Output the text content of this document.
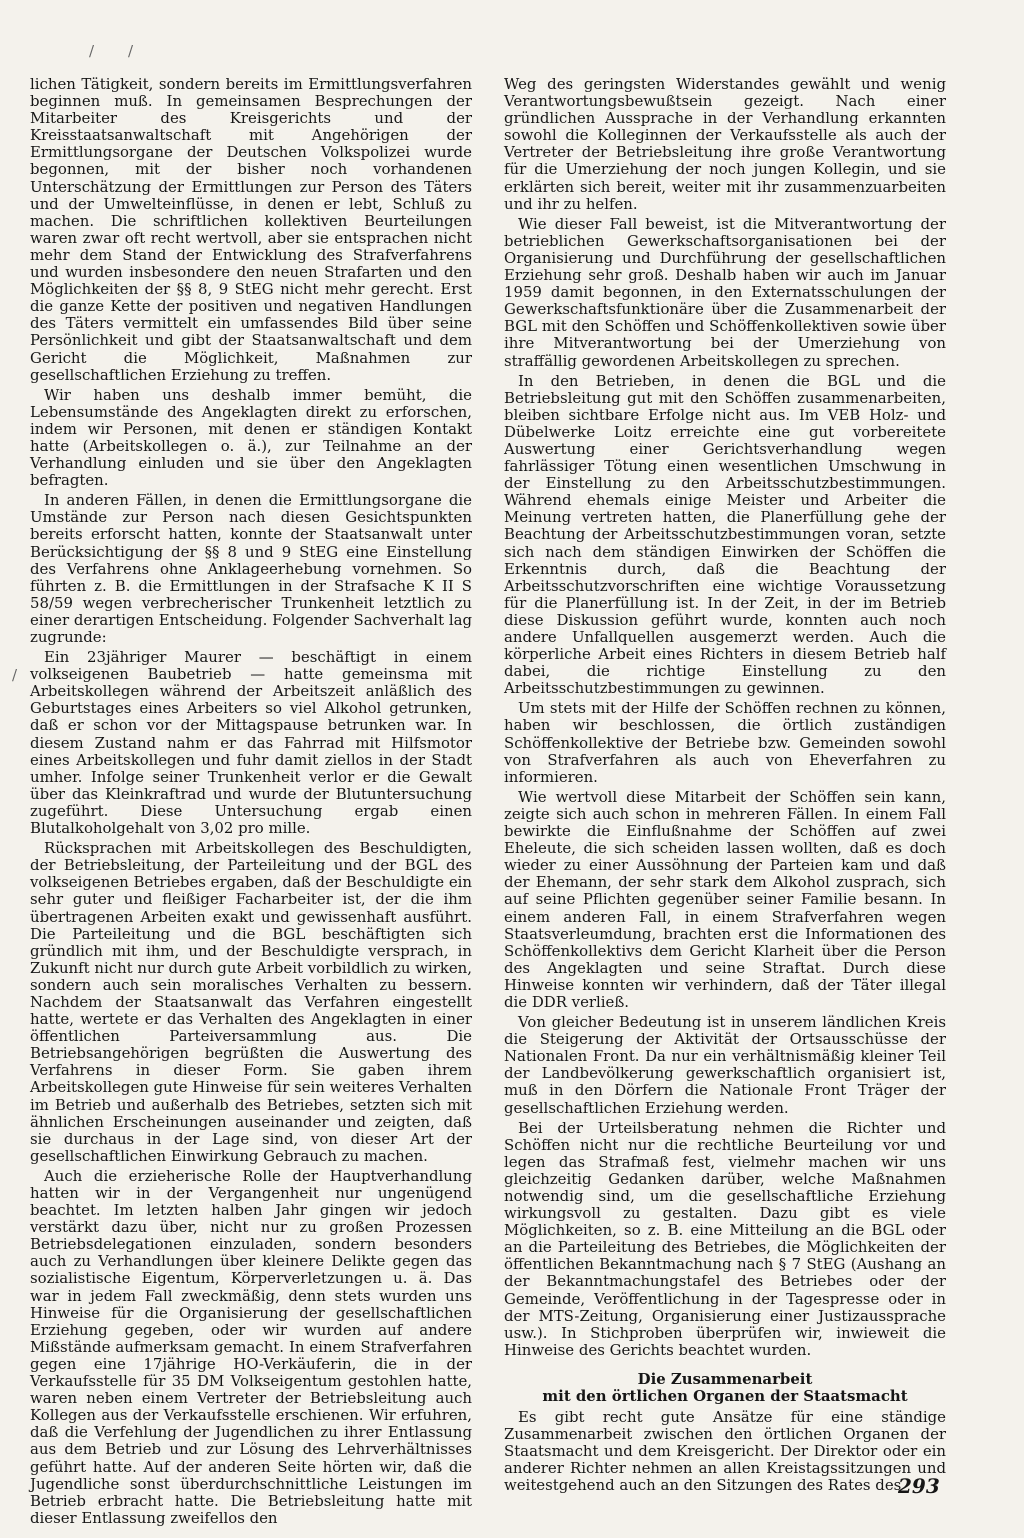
/ /
/

lichen Tätigkeit, sondern bereits im Ermittlungsverfahren beginnen muß. In gemeinsamen Besprechungen der Mitarbeiter des Kreisgerichts und der Kreisstaatsanwaltschaft mit Angehörigen der Ermittlungsorgane der Deutschen Volkspolizei wurde begonnen, mit der bisher noch vorhandenen Unterschätzung der Ermittlungen zur Person des Täters und der Umwelteinflüsse, in denen er lebt, Schluß zu machen. Die schriftlichen kollektiven Beurteilungen waren zwar oft recht wertvoll, aber sie entsprachen nicht mehr dem Stand der Entwicklung des Strafverfahrens und wurden insbesondere den neuen Strafarten und den Möglichkeiten der §§ 8, 9 StEG nicht mehr gerecht. Erst die ganze Kette der positiven und negativen Handlungen des Täters vermittelt ein umfassendes Bild über seine Persönlichkeit und gibt der Staatsanwaltschaft und dem Gericht die Möglichkeit, Maßnahmen zur gesellschaftlichen Erziehung zu treffen.

Wir haben uns deshalb immer bemüht, die Lebensumstände des Angeklagten direkt zu erforschen, indem wir Personen, mit denen er ständigen Kontakt hatte (Arbeitskollegen o. ä.), zur Teilnahme an der Verhandlung einluden und sie über den Angeklagten befragten.

In anderen Fällen, in denen die Ermittlungsorgane die Umstände zur Person nach diesen Gesichtspunkten bereits erforscht hatten, konnte der Staatsanwalt unter Berücksichtigung der §§ 8 und 9 StEG eine Einstellung des Verfahrens ohne Anklageerhebung vornehmen. So führten z. B. die Ermittlungen in der Strafsache K II S 58/59 wegen verbrecherischer Trunkenheit letztlich zu einer derartigen Entscheidung. Folgender Sachverhalt lag zugrunde:

Ein 23jähriger Maurer — beschäftigt in einem volkseigenen Baubetrieb — hatte gemeinsma mit Arbeitskollegen während der Arbeitszeit anläßlich des Geburtstages eines Arbeiters so viel Alkohol getrunken, daß er schon vor der Mittagspause betrunken war. In diesem Zustand nahm er das Fahrrad mit Hilfsmotor eines Arbeitskollegen und fuhr damit ziellos in der Stadt umher. Infolge seiner Trunkenheit verlor er die Gewalt über das Kleinkraftrad und wurde der Blutuntersuchung zugeführt. Diese Untersuchung ergab einen Blutalkoholgehalt von 3,02 pro mille.

Rücksprachen mit Arbeitskollegen des Beschuldigten, der Betriebsleitung, der Parteileitung und der BGL des volkseigenen Betriebes ergaben, daß der Beschuldigte ein sehr guter und fleißiger Facharbeiter ist, der die ihm übertragenen Arbeiten exakt und gewissenhaft ausführt. Die Parteileitung und die BGL beschäftigten sich gründlich mit ihm, und der Beschuldigte versprach, in Zukunft nicht nur durch gute Arbeit vorbildlich zu wirken, sondern auch sein moralisches Verhalten zu bessern. Nachdem der Staatsanwalt das Verfahren eingestellt hatte, wertete er das Verhalten des Angeklagten in einer öffentlichen Parteiversammlung aus. Die Betriebsangehörigen begrüßten die Auswertung des Verfahrens in dieser Form. Sie gaben ihrem Arbeitskollegen gute Hinweise für sein weiteres Verhalten im Betrieb und außerhalb des Betriebes, setzten sich mit ähnlichen Erscheinungen auseinander und zeigten, daß sie durchaus in der Lage sind, von dieser Art der gesellschaftlichen Einwirkung Gebrauch zu machen.

Auch die erzieherische Rolle der Hauptverhandlung hatten wir in der Vergangenheit nur ungenügend beachtet. Im letzten halben Jahr gingen wir jedoch verstärkt dazu über, nicht nur zu großen Prozessen Betriebsdelegationen einzuladen, sondern besonders auch zu Verhandlungen über kleinere Delikte gegen das sozialistische Eigentum, Körperverletzungen u. ä. Das war in jedem Fall zweckmäßig, denn stets wurden uns Hinweise für die Organisierung der gesellschaftlichen Erziehung gegeben, oder wir wurden auf andere Mißstände aufmerksam gemacht. In einem Strafverfahren gegen eine 17jährige HO-Verkäuferin, die in der Verkaufsstelle für 35 DM Volkseigentum gestohlen hatte, waren neben einem Vertreter der Betriebsleitung auch Kollegen aus der Verkaufsstelle erschienen. Wir erfuhren, daß die Verfehlung der Jugendlichen zu ihrer Entlassung aus dem Betrieb und zur Lösung des Lehrverhältnisses geführt hatte. Auf der anderen Seite hörten wir, daß die Jugendliche sonst überdurchschnittliche Leistungen im Betrieb erbracht hatte. Die Betriebsleitung hatte mit dieser Entlassung zweifellos den

Weg des geringsten Widerstandes gewählt und wenig Verantwortungsbewußtsein gezeigt. Nach einer gründlichen Aussprache in der Verhandlung erkannten sowohl die Kolleginnen der Verkaufsstelle als auch der Vertreter der Betriebsleitung ihre große Verantwortung für die Umerziehung der noch jungen Kollegin, und sie erklärten sich bereit, weiter mit ihr zusammenzuarbeiten und ihr zu helfen.

Wie dieser Fall beweist, ist die Mitverantwortung der betrieblichen Gewerkschaftsorganisationen bei der Organisierung und Durchführung der gesellschaftlichen Erziehung sehr groß. Deshalb haben wir auch im Januar 1959 damit begonnen, in den Externatsschulungen der Gewerkschaftsfunktionäre über die Zusammenarbeit der BGL mit den Schöffen und Schöffenkollektiven sowie über ihre Mitverantwortung bei der Umerziehung von straffällig gewordenen Arbeitskollegen zu sprechen.

In den Betrieben, in denen die BGL und die Betriebsleitung gut mit den Schöffen zusammenarbeiten, bleiben sichtbare Erfolge nicht aus. Im VEB Holz- und Dübelwerke Loitz erreichte eine gut vorbereitete Auswertung einer Gerichtsverhandlung wegen fahrlässiger Tötung einen wesentlichen Umschwung in der Einstellung zu den Arbeitsschutzbestimmungen. Während ehemals einige Meister und Arbeiter die Meinung vertreten hatten, die Planerfüllung gehe der Beachtung der Arbeitsschutzbestimmungen voran, setzte sich nach dem ständigen Einwirken der Schöffen die Erkenntnis durch, daß die Beachtung der Arbeitsschutzvorschriften eine wichtige Voraussetzung für die Planerfüllung ist. In der Zeit, in der im Betrieb diese Diskussion geführt wurde, konnten auch noch andere Unfallquellen ausgemerzt werden. Auch die körperliche Arbeit eines Richters in diesem Betrieb half dabei, die richtige Einstellung zu den Arbeitsschutzbestimmungen zu gewinnen.

Um stets mit der Hilfe der Schöffen rechnen zu können, haben wir beschlossen, die örtlich zuständigen Schöffenkollektive der Betriebe bzw. Gemeinden sowohl von Strafverfahren als auch von Eheverfahren zu informieren.

Wie wertvoll diese Mitarbeit der Schöffen sein kann, zeigte sich auch schon in mehreren Fällen. In einem Fall bewirkte die Einflußnahme der Schöffen auf zwei Eheleute, die sich scheiden lassen wollten, daß es doch wieder zu einer Aussöhnung der Parteien kam und daß der Ehemann, der sehr stark dem Alkohol zusprach, sich auf seine Pflichten gegenüber seiner Familie besann. In einem anderen Fall, in einem Strafverfahren wegen Staatsverleumdung, brachten erst die Informationen des Schöffenkollektivs dem Gericht Klarheit über die Person des Angeklagten und seine Straftat. Durch diese Hinweise konnten wir verhindern, daß der Täter illegal die DDR verließ.

Von gleicher Bedeutung ist in unserem ländlichen Kreis die Steigerung der Aktivität der Ortsausschüsse der Nationalen Front. Da nur ein verhältnismäßig kleiner Teil der Landbevölkerung gewerkschaftlich organisiert ist, muß in den Dörfern die Nationale Front Träger der gesellschaftlichen Erziehung werden.

Bei der Urteilsberatung nehmen die Richter und Schöffen nicht nur die rechtliche Beurteilung vor und legen das Strafmaß fest, vielmehr machen wir uns gleichzeitig Gedanken darüber, welche Maßnahmen notwendig sind, um die gesellschaftliche Erziehung wirkungsvoll zu gestalten. Dazu gibt es viele Möglichkeiten, so z. B. eine Mitteilung an die BGL oder an die Parteileitung des Betriebes, die Möglichkeiten der öffentlichen Bekanntmachung nach § 7 StEG (Aushang an der Bekanntmachungstafel des Betriebes oder der Gemeinde, Veröffentlichung in der Tagespresse oder in der MTS-Zeitung, Organisierung einer Justizaussprache usw.). In Stichproben überprüfen wir, inwieweit die Hinweise des Gerichts beachtet wurden.

Die Zusammenarbeit
mit den örtlichen Organen der Staatsmacht

Es gibt recht gute Ansätze für eine ständige Zusammenarbeit zwischen den örtlichen Organen der Staatsmacht und dem Kreisgericht. Der Direktor oder ein anderer Richter nehmen an allen Kreistagssitzungen und weitestgehend auch an den Sitzungen des Rates des

293
